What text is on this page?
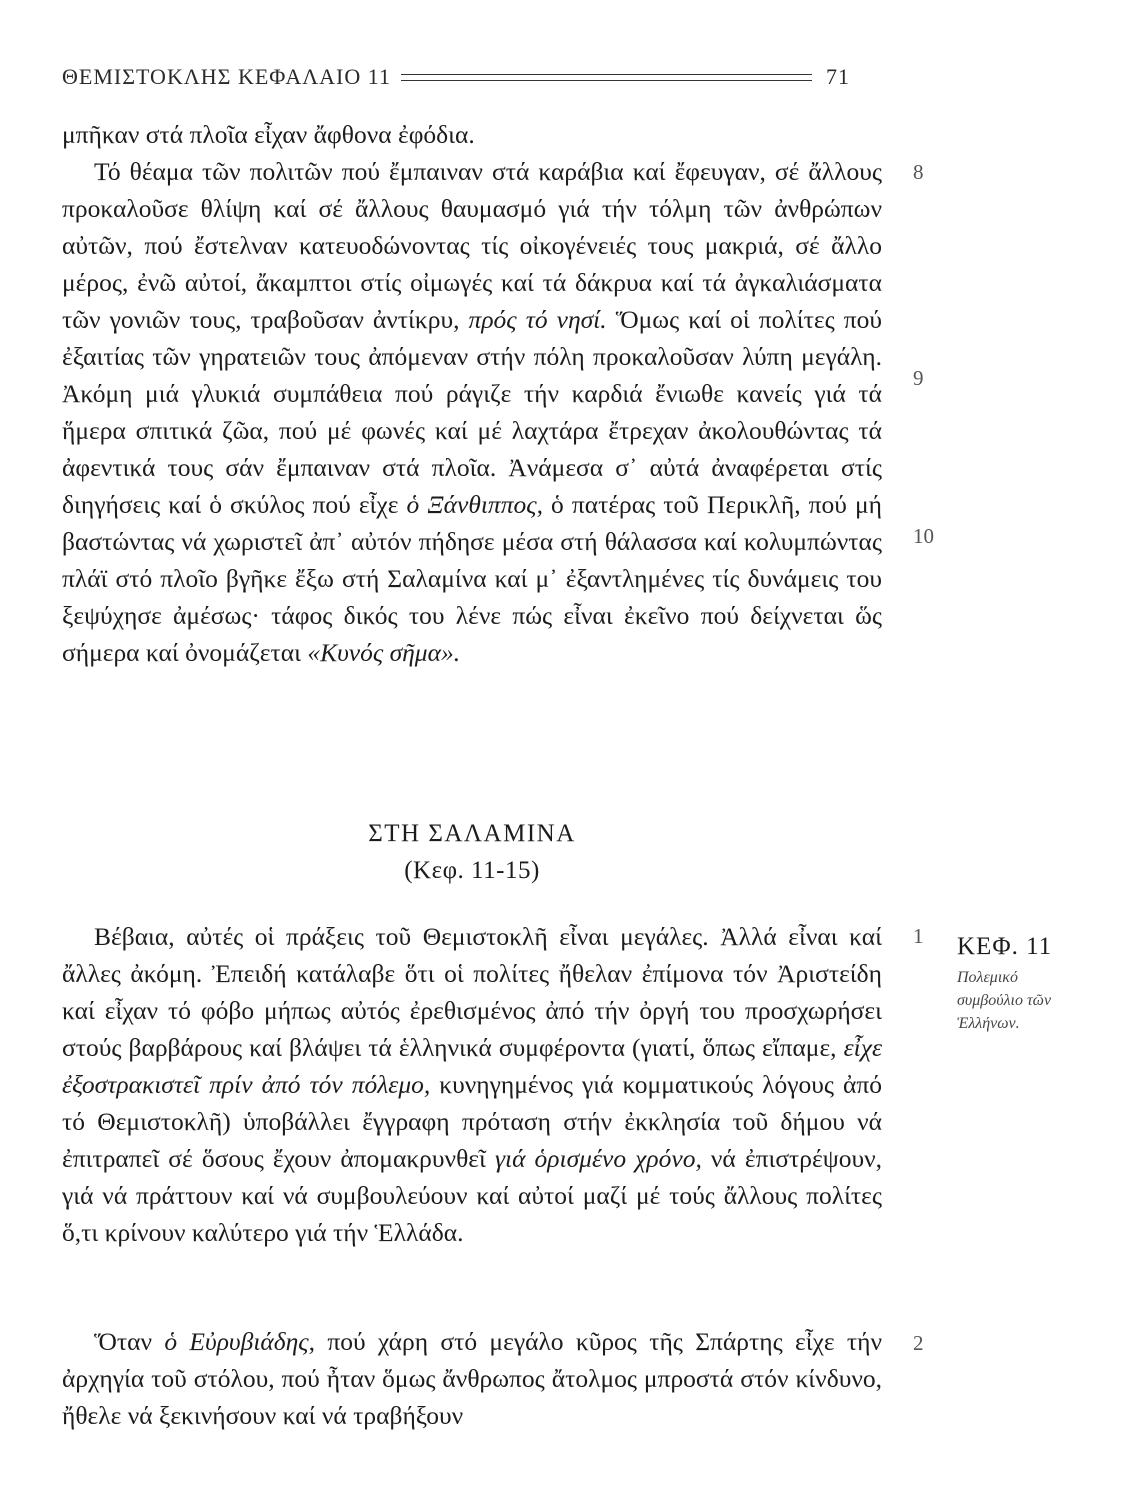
ΘΕΜΙΣΤΟΚΛΗΣ ΚΕΦΑΛΑΙΟ 11	71

μπῆκαν στά πλοῖα εἶχαν ἄφθονα ἐφόδια.

Τό θέαμα τῶν πολιτῶν πού ἔμπαιναν στά καράβια καί ἔφευγαν, σέ ἄλλους προκαλοῦσε θλίψη καί σέ ἄλλους θαυμασμό γιά τήν τόλμη τῶν ἀνθρώπων αὐτῶν, πού ἔστελναν κατευοδώνοντας τίς οἰκογένειές τους μακριά, σέ ἄλλο μέρος, ἐνῶ αὐτοί, ἄκαμπτοι στίς οἰμωγές καί τά δάκρυα καί τά ἀγκαλιάσματα τῶν γονιῶν τους, τραβοῦσαν ἀντίκρυ, πρός τό νησί. Ὅμως καί οἱ πολίτες πού ἐξαιτίας τῶν γηρατειῶν τους ἀπόμεναν στήν πόλη προκαλοῦσαν λύπη μεγάλη. Ἀκόμη μιά γλυκιά συμπάθεια πού ράγιζε τήν καρδιά ἔνιωθε κανείς γιά τά ἥμερα σπιτικά ζῶα, πού μέ φωνές καί μέ λαχτάρα ἔτρεχαν ἀκολουθώντας τά ἀφεντικά τους σάν ἔμπαιναν στά πλοῖα. Ἀνάμεσα σ᾽ αὐτά ἀναφέρεται στίς διηγήσεις καί ὁ σκύλος πού εἶχε ὁ Ξάνθιππος, ὁ πατέρας τοῦ Περικλῆ, πού μή βαστώντας νά χωριστεῖ ἀπ᾽ αὐτόν πήδησε μέσα στή θάλασσα καί κολυμπώντας πλάϊ στό πλοῖο βγῆκε ἔξω στή Σαλαμίνα καί μ᾽ ἐξαντλημένες τίς δυνάμεις του ξεψύχησε ἀμέσως· τάφος δικός του λένε πώς εἶναι ἐκεῖνο πού δείχνεται ὥς σήμερα καί ὀνομάζεται «Κυνός σῆμα».

ΣΤΗ ΣΑΛΑΜΙΝΑ
(Κεφ. 11-15)

Βέβαια, αὐτές οἱ πράξεις τοῦ Θεμιστοκλῆ εἶναι μεγάλες. Ἀλλά εἶναι καί ἄλλες ἀκόμη. Ἐπειδή κατάλαβε ὅτι οἱ πολίτες ἤθελαν ἐπίμονα τόν Ἀριστείδη καί εἶχαν τό φόβο μήπως αὐτός ἐρεθισμένος ἀπό τήν ὀργή του προσχωρήσει στούς βαρβάρους καί βλάψει τά ἑλληνικά συμφέροντα (γιατί, ὅπως εἴπαμε, εἶχε ἐξοστρακιστεῖ πρίν ἀπό τόν πόλεμο, κυνηγημένος γιά κομματικούς λόγους ἀπό τό Θεμιστοκλῆ) ὑποβάλλει ἔγγραφη πρόταση στήν ἐκκλησία τοῦ δήμου νά ἐπιτραπεῖ σέ ὅσους ἔχουν ἀπομακρυνθεῖ γιά ὁρισμένο χρόνο, νά ἐπιστρέψουν, γιά νά πράττουν καί νά συμβουλεύουν καί αὐτοί μαζί μέ τούς ἄλλους πολίτες ὅ,τι κρίνουν καλύτερο γιά τήν Ἑλλάδα.

Ὅταν ὁ Εὐρυβιάδης, πού χάρη στό μεγάλο κῦρος τῆς Σπάρτης εἶχε τήν ἀρχηγία τοῦ στόλου, πού ἦταν ὅμως ἄνθρωπος ἄτολμος μπροστά στόν κίνδυνο, ἤθελε νά ξεκινήσουν καί νά τραβήξουν

8
9
10
1
2
ΚΕΦ. 11
Πολεμικό συμβούλιο τῶν Ἑλλήνων.
